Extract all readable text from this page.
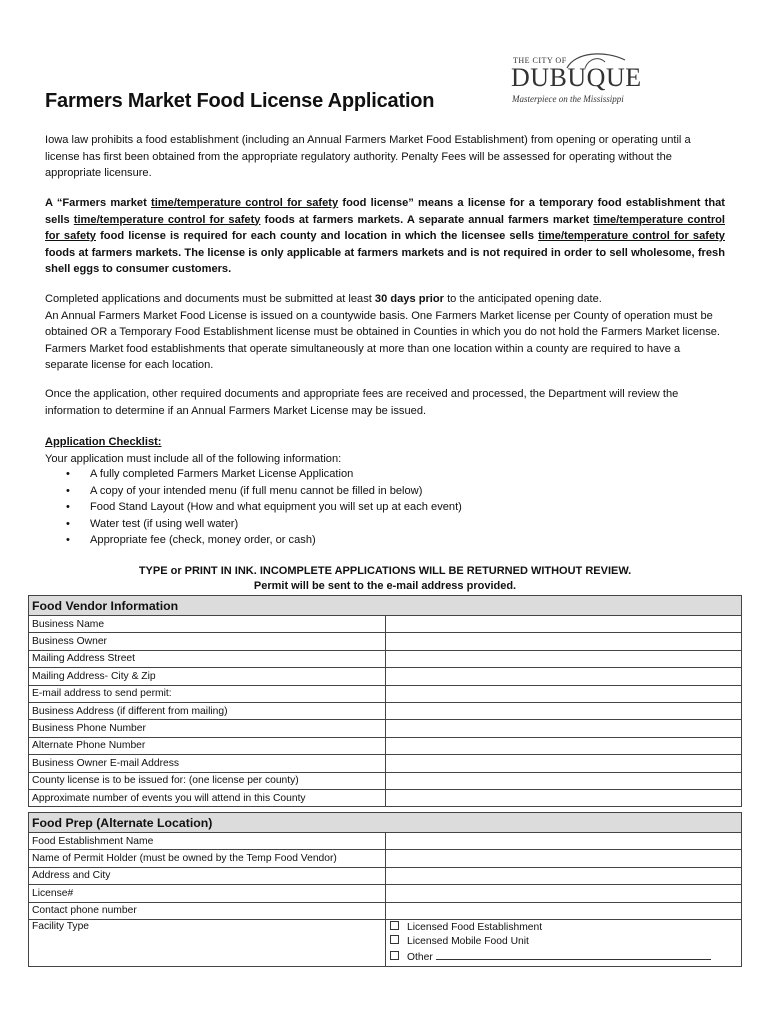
THE CITY OF
DUBUQUE
Masterpiece on the Mississippi
Farmers Market Food License Application

Iowa law prohibits a food establishment (including an Annual Farmers Market Food Establishment) from opening or operating until a license has first been obtained from the appropriate regulatory authority. Penalty Fees will be assessed for operating without the appropriate licensure.

A “Farmers market time/temperature control for safety food license” means a license for a temporary food establishment that sells time/temperature control for safety foods at farmers markets. A separate annual farmers market time/temperature control for safety food license is required for each county and location in which the licensee sells time/temperature control for safety foods at farmers markets. The license is only applicable at farmers markets and is not required in order to sell wholesome, fresh shell eggs to consumer customers.

Completed applications and documents must be submitted at least 30 days prior to the anticipated opening date.
An Annual Farmers Market Food License is issued on a countywide basis. One Farmers Market license per County of operation must be obtained OR a Temporary Food Establishment license must be obtained in Counties in which you do not hold the Farmers Market license. Farmers Market food establishments that operate simultaneously at more than one location within a county are required to have a separate license for each location.

Once the application, other required documents and appropriate fees are received and processed, the Department will review the information to determine if an Annual Farmers Market License may be issued.

Application Checklist:
Your application must include all of the following information:
• A fully completed Farmers Market License Application
• A copy of your intended menu (if full menu cannot be filled in below)
• Food Stand Layout (How and what equipment you will set up at each event)
• Water test (if using well water)
• Appropriate fee (check, money order, or cash)
TYPE or PRINT IN INK. INCOMPLETE APPLICATIONS WILL BE RETURNED WITHOUT REVIEW.
Permit will be sent to the e-mail address provided.
Food Vendor Information	
Business Name	
Business Owner	
Mailing Address Street	
Mailing Address- City & Zip	
E-mail address to send permit:	
Business Address (if different from mailing)	
Business Phone Number	
Alternate Phone Number	
Business Owner E-mail Address	
County license is to be issued for: (one license per county)	
Approximate number of events you will attend in this County	
Food Prep (Alternate Location)	
Food Establishment Name	
Name of Permit Holder (must be owned by the Temp Food Vendor)	
Address and City	
License#	
Contact phone number	
Facility Type	Licensed Food Establishment
Licensed Mobile Food Unit
Other
